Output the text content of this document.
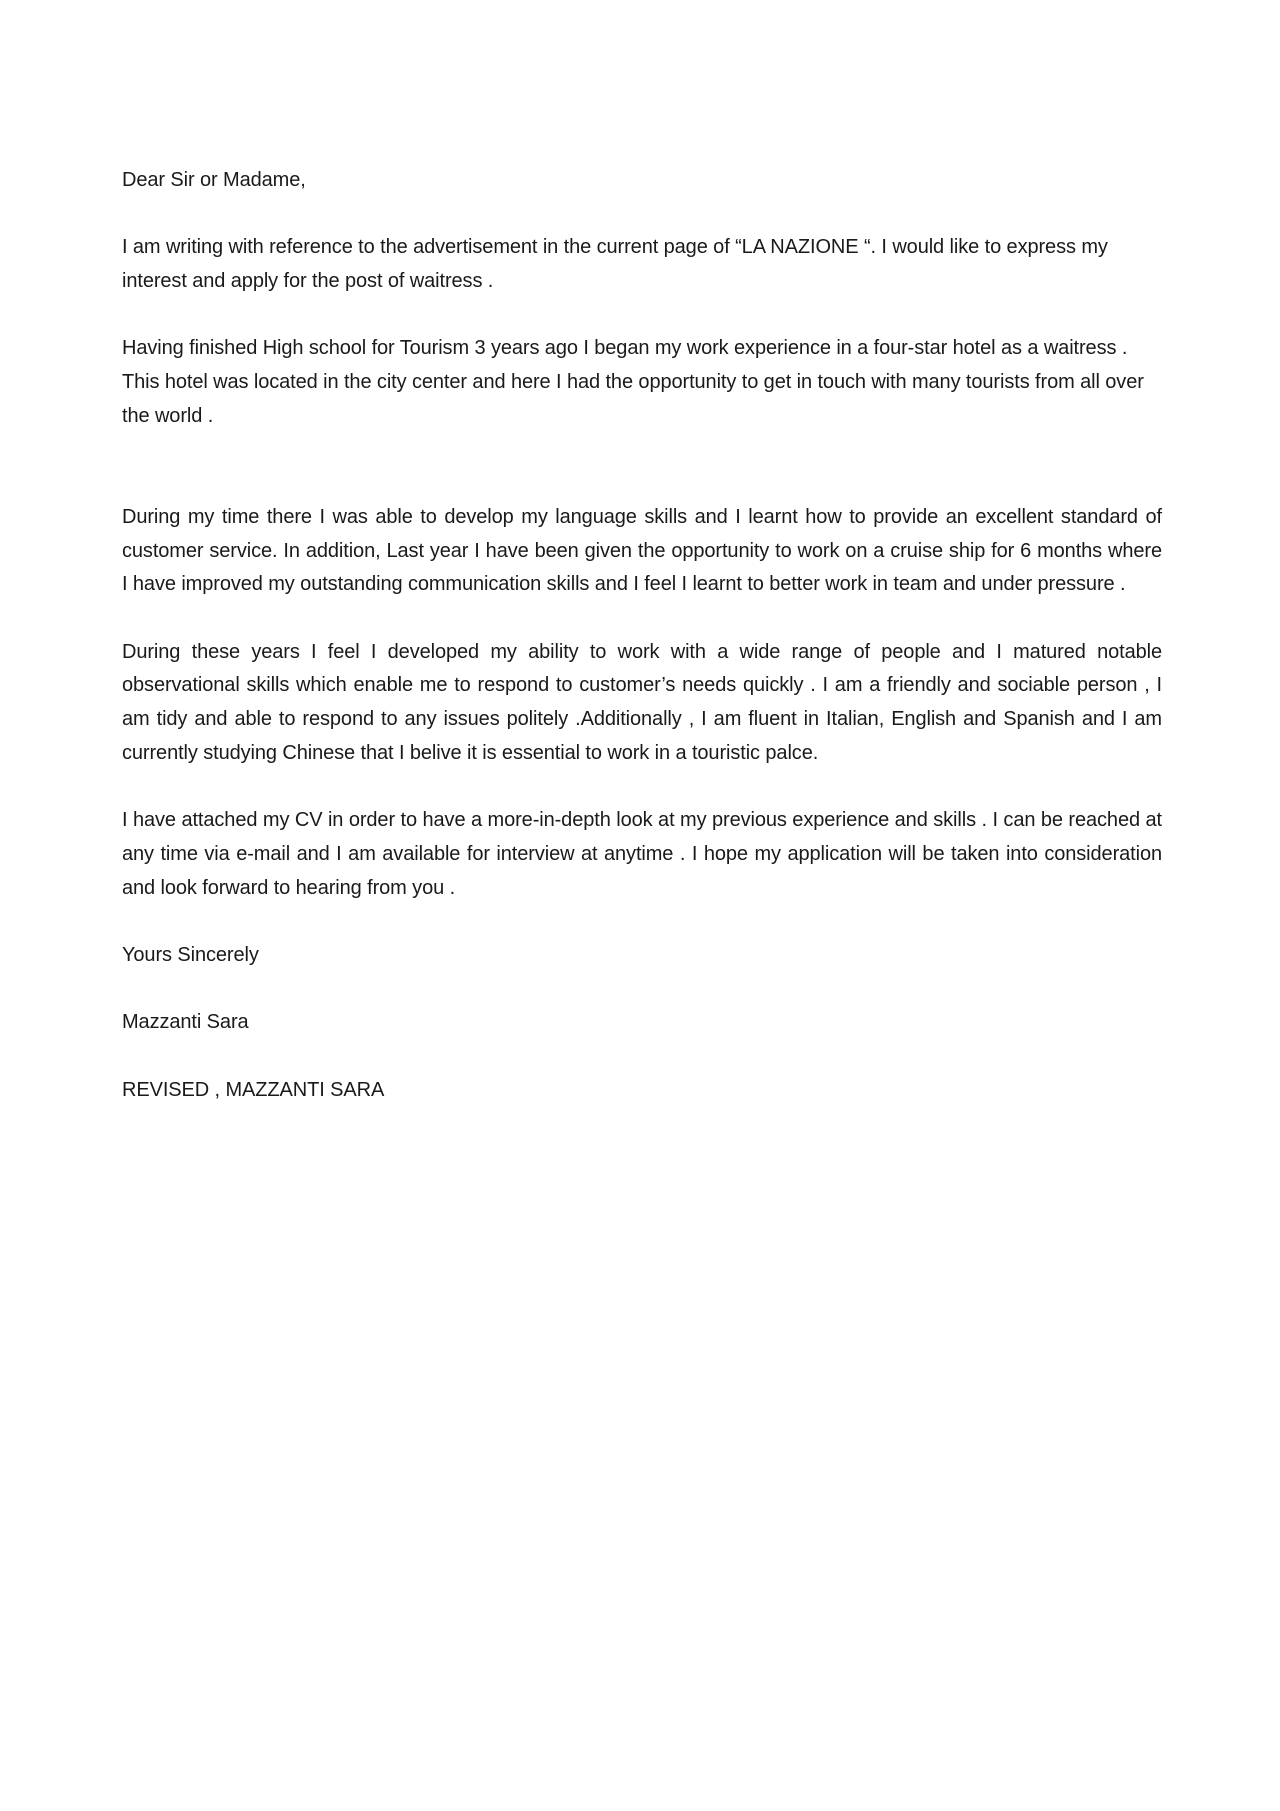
Dear Sir or Madame,

I am writing with reference to the advertisement in the current page of “LA NAZIONE “. I would like to express my interest and apply for the post of waitress .

Having finished High school for Tourism 3 years ago I began my work experience in a four-star hotel as a waitress . This hotel was located in the city center and here I had the opportunity to get in touch with many tourists from all over the world .

During my time there I was able to develop my language skills and I learnt how to provide an excellent standard of customer service. In addition, Last year I have been given the opportunity to work on a cruise ship for 6 months where I have improved my outstanding communication skills and I feel I learnt to better work in team and under pressure .

During these years I feel I developed my ability to work with a wide range of people and I matured notable observational skills which enable me to respond to customer’s needs quickly . I am a friendly and sociable person , I am tidy and able to respond to any issues politely .Additionally , I am fluent in Italian, English and Spanish and I am currently studying Chinese that I belive it is essential to work in a touristic palce.

I have attached my CV in order to have a more-in-depth look at my previous experience and skills . I can be reached at any time via e-mail and I am available for interview at anytime . I hope my application will be taken into consideration and look forward to hearing from you .

Yours Sincerely

Mazzanti Sara

REVISED , MAZZANTI SARA
